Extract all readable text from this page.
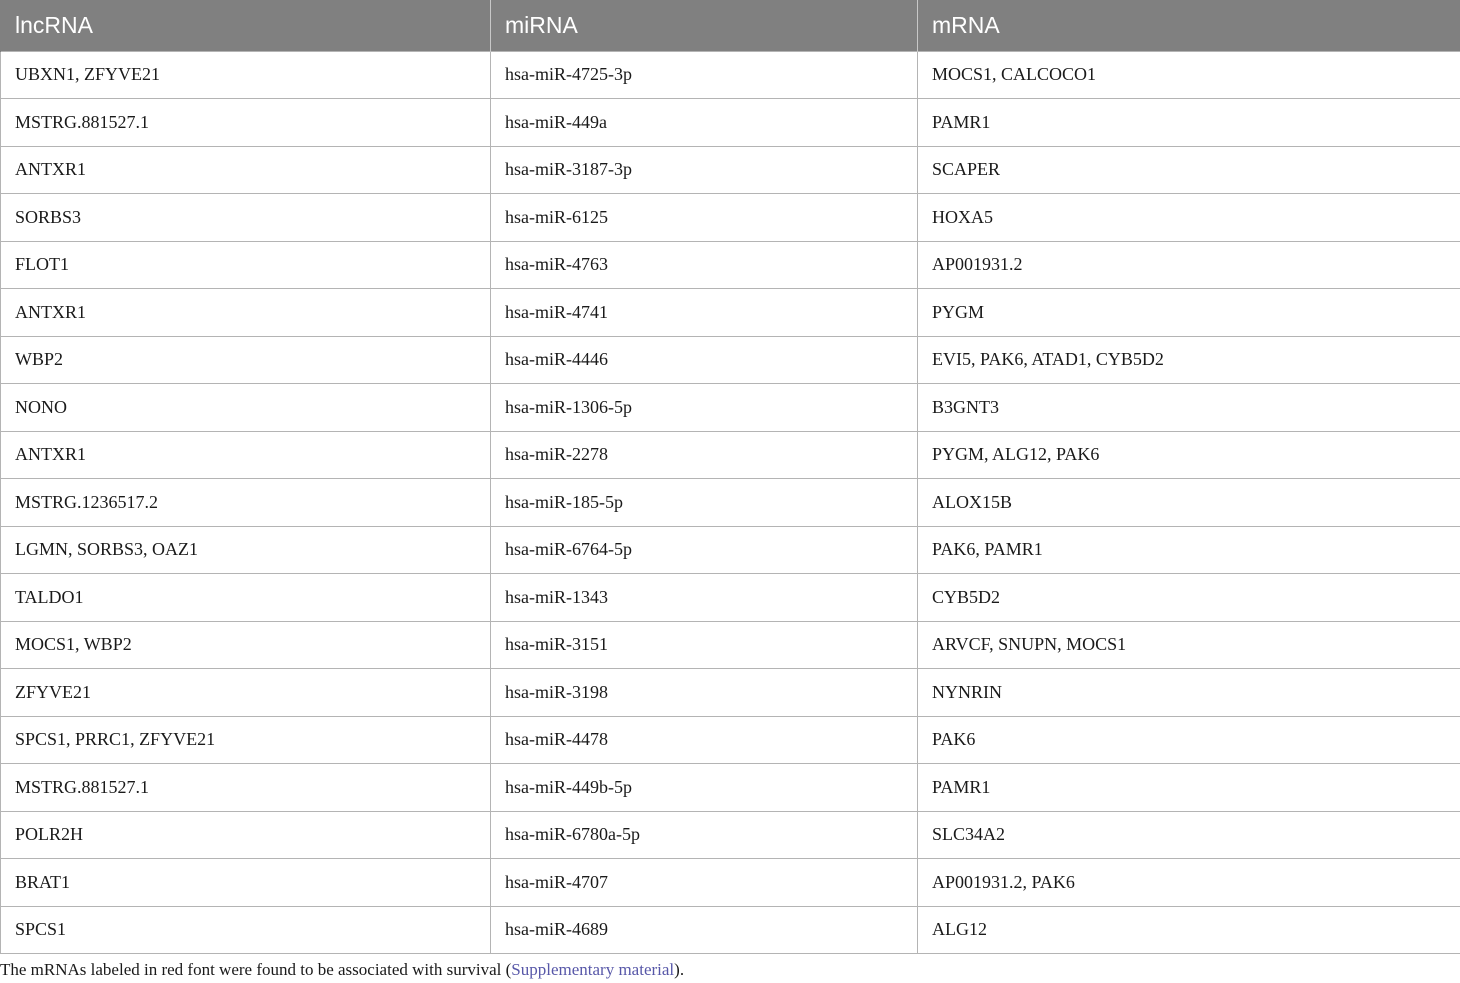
lncRNA	miRNA	mRNA
UBXN1, ZFYVE21	hsa-miR-4725-3p	MOCS1, CALCOCO1
MSTRG.881527.1	hsa-miR-449a	PAMR1
ANTXR1	hsa-miR-3187-3p	SCAPER
SORBS3	hsa-miR-6125	HOXA5
FLOT1	hsa-miR-4763	AP001931.2
ANTXR1	hsa-miR-4741	PYGM
WBP2	hsa-miR-4446	EVI5, PAK6, ATAD1, CYB5D2
NONO	hsa-miR-1306-5p	B3GNT3
ANTXR1	hsa-miR-2278	PYGM, ALG12, PAK6
MSTRG.1236517.2	hsa-miR-185-5p	ALOX15B
LGMN, SORBS3, OAZ1	hsa-miR-6764-5p	PAK6, PAMR1
TALDO1	hsa-miR-1343	CYB5D2
MOCS1, WBP2	hsa-miR-3151	ARVCF, SNUPN, MOCS1
ZFYVE21	hsa-miR-3198	NYNRIN
SPCS1, PRRC1, ZFYVE21	hsa-miR-4478	PAK6
MSTRG.881527.1	hsa-miR-449b-5p	PAMR1
POLR2H	hsa-miR-6780a-5p	SLC34A2
BRAT1	hsa-miR-4707	AP001931.2, PAK6
SPCS1	hsa-miR-4689	ALG12
The mRNAs labeled in red font were found to be associated with survival (Supplementary material).
